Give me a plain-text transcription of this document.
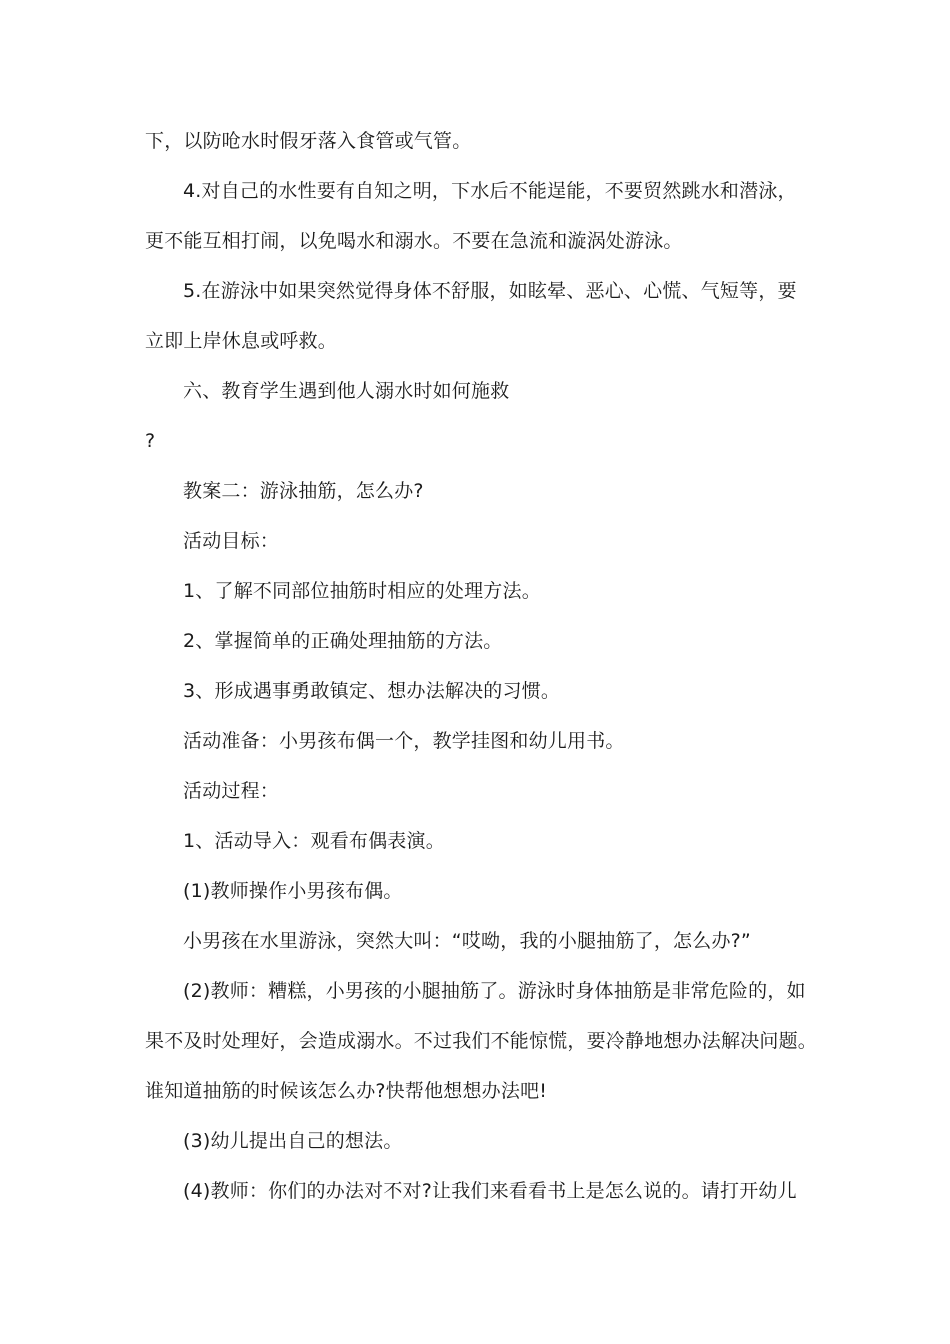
下，以防呛水时假牙落入食管或气管。
4.对自己的水性要有自知之明，下水后不能逞能，不要贸然跳水和潜泳，
更不能互相打闹，以免喝水和溺水。不要在急流和漩涡处游泳。
5.在游泳中如果突然觉得身体不舒服，如眩晕、恶心、心慌、气短等，要
立即上岸休息或呼救。
六、教育学生遇到他人溺水时如何施救
?
教案二：游泳抽筋，怎么办?
活动目标：
1、了解不同部位抽筋时相应的处理方法。
2、掌握简单的正确处理抽筋的方法。
3、形成遇事勇敢镇定、想办法解决的习惯。
活动准备：小男孩布偶一个，教学挂图和幼儿用书。
活动过程：
1、活动导入：观看布偶表演。
(1)教师操作小男孩布偶。
小男孩在水里游泳，突然大叫：“哎呦，我的小腿抽筋了，怎么办?”
(2)教师：糟糕，小男孩的小腿抽筋了。游泳时身体抽筋是非常危险的，如
果不及时处理好，会造成溺水。不过我们不能惊慌，要冷静地想办法解决问题。
谁知道抽筋的时候该怎么办?快帮他想想办法吧!
(3)幼儿提出自己的想法。
(4)教师：你们的办法对不对?让我们来看看书上是怎么说的。请打开幼儿
